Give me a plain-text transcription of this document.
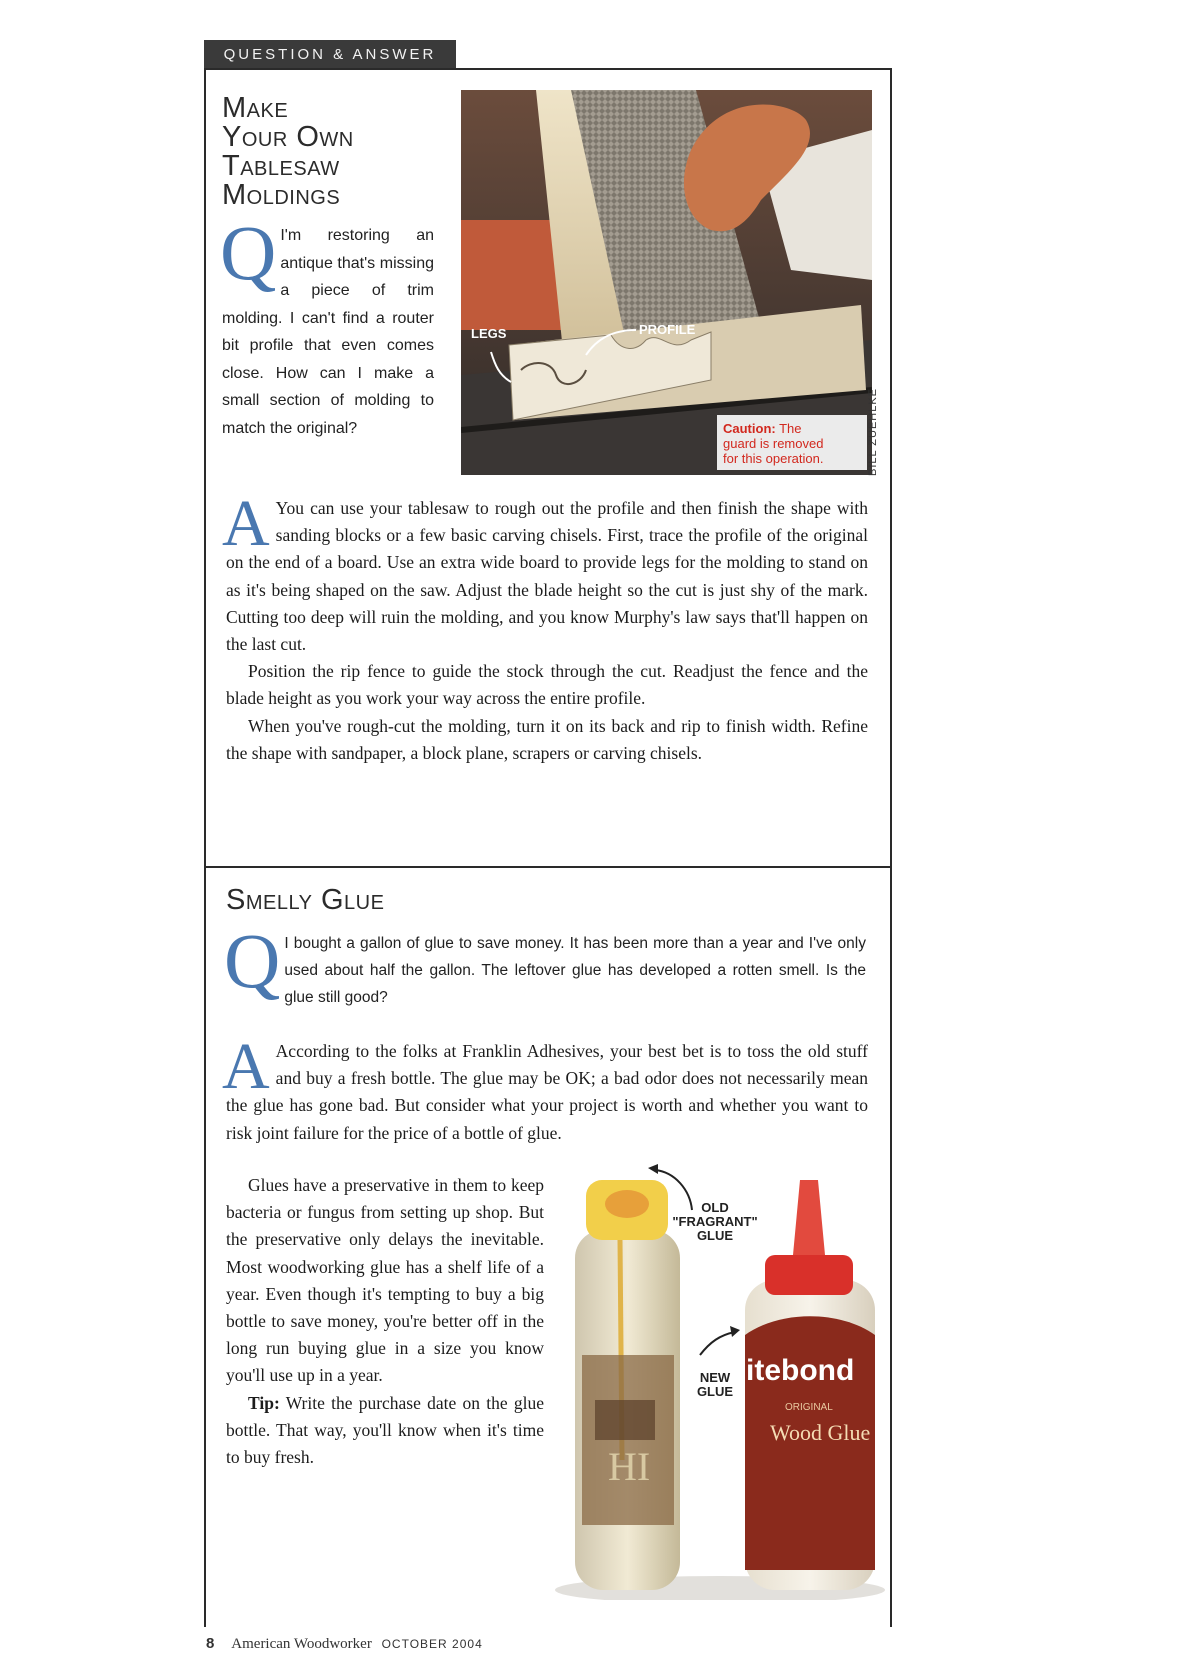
QUESTION & ANSWER
Make
Your Own
Tablesaw
Moldings
Q I'm restoring an antique that's missing a piece of trim molding. I can't find a router bit profile that even comes close. How can I make a small section of molding to match the original?
LEGS	PROFILE
Caution: The
guard is removed
for this operation.	BILL ZUEHLKE

A You can use your tablesaw to rough out the profile and then finish the shape with sanding blocks or a few basic carving chisels. First, trace the profile of the original on the end of a board. Use an extra wide board to provide legs for the molding to stand on as it's being shaped on the saw. Adjust the blade height so the cut is just shy of the mark. Cutting too deep will ruin the molding, and you know Murphy's law says that'll happen on the last cut.

Position the rip fence to guide the stock through the cut. Readjust the fence and the blade height as you work your way across the entire profile.

When you've rough-cut the molding, turn it on its back and rip to finish width. Refine the shape with sandpaper, a block plane, scrapers or carving chisels.

Smelly Glue
Q I bought a gallon of glue to save money. It has been more than a year and I've only used about half the gallon. The leftover glue has developed a rotten smell. Is the glue still good?

A According to the folks at Franklin Adhesives, your best bet is to toss the old stuff and buy a fresh bottle. The glue may be OK; a bad odor does not necessarily mean the glue has gone bad. But consider what your project is worth and whether you want to risk joint failure for the price of a bottle of glue.

Glues have a preservative in them to keep bacteria or fungus from setting up shop. But the preservative only delays the inevitable. Most woodworking glue has a shelf life of a year. Even though it's tempting to buy a big bottle to save money, you're better off in the long run buying glue in a size you know you'll use up in a year.

Tip: Write the purchase date on the glue bottle. That way, you'll know when it's time to buy fresh.	HI
itebond
ORIGINAL
Wood Glue
OLD
"FRAGRANT"
GLUE
NEW
GLUE
8 American Woodworker OCTOBER 2004
